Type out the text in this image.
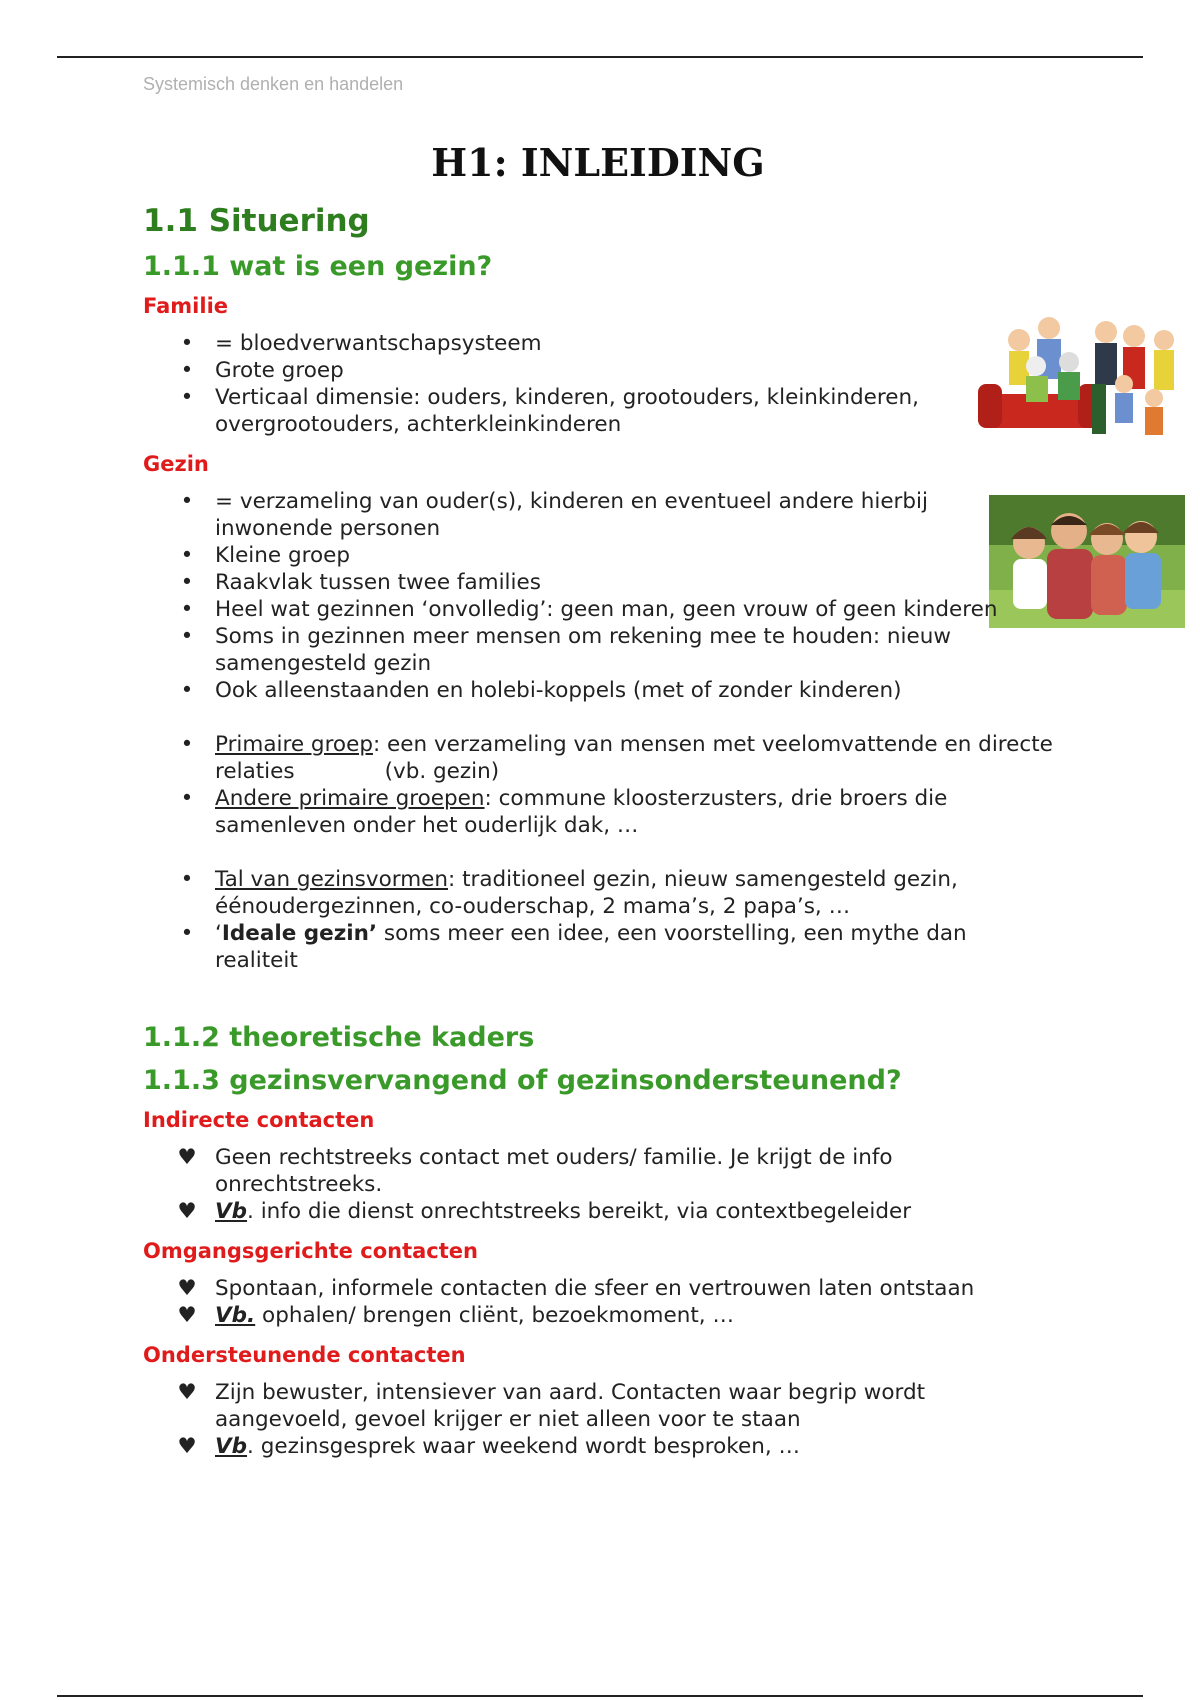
Systemisch denken en handelen
H1: INLEIDING
1.1 Situering
1.1.1 wat is een gezin?
Familie
• = bloedverwantschapsysteem
• Grote groep
• Verticaal dimensie: ouders, kinderen, grootouders, kleinkinderen, overgrootouders, achterkleinkinderen
Gezin
• = verzameling van ouder(s), kinderen en eventueel andere hierbij inwonende personen
• Kleine groep
• Raakvlak tussen twee families
• Heel wat gezinnen ‘onvolledig’: geen man, geen vrouw of geen kinderen
• Soms in gezinnen meer mensen om rekening mee te houden: nieuw samengesteld gezin
• Ook alleenstaanden en holebi-koppels (met of zonder kinderen)
• Primaire groep: een verzameling van mensen met veelomvattende en directe relaties	(vb. gezin)
• Andere primaire groepen: commune kloosterzusters, drie broers die samenleven onder het ouderlijk dak, …
• Tal van gezinsvormen: traditioneel gezin, nieuw samengesteld gezin, éénoudergezinnen, co-ouderschap, 2 mama’s, 2 papa’s, …
• ‘Ideale gezin’ soms meer een idee, een voorstelling, een mythe dan realiteit
1.1.2 theoretische kaders
1.1.3 gezinsvervangend of gezinsondersteunend?
Indirecte contacten
♥ Geen rechtstreeks contact met ouders/ familie. Je krijgt de info onrechtstreeks.
♥ Vb. info die dienst onrechtstreeks bereikt, via contextbegeleider
Omgangsgerichte contacten
♥ Spontaan, informele contacten die sfeer en vertrouwen laten ontstaan
♥ Vb. ophalen/ brengen cliënt, bezoekmoment, …
Ondersteunende contacten
♥ Zijn bewuster, intensiever van aard. Contacten waar begrip wordt aangevoeld, gevoel krijger er niet alleen voor te staan
♥ Vb. gezinsgesprek waar weekend wordt besproken, …
